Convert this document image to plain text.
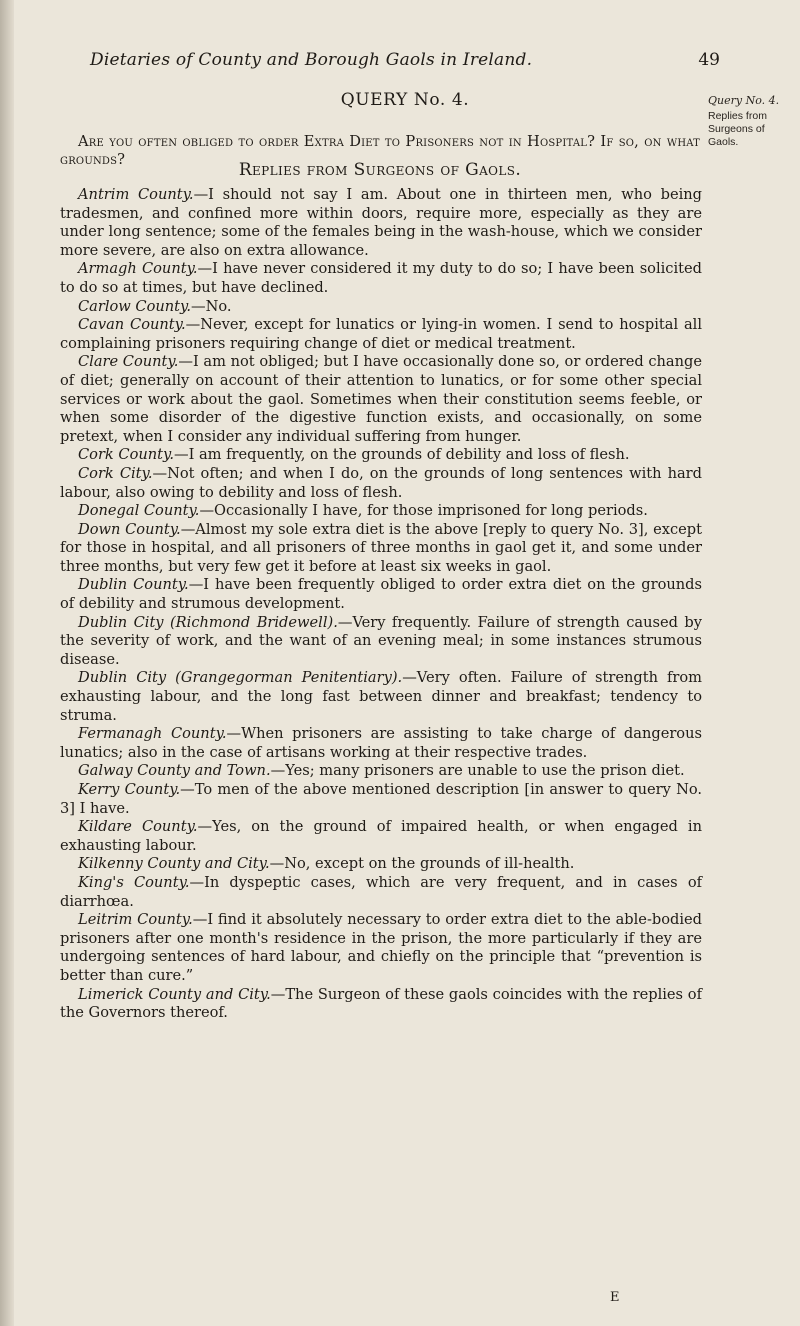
Dietaries of County and Borough Gaols in Ireland.	49
QUERY No. 4.	Query No. 4.
Replies from Surgeons of Gaols.

Are you often obliged to order Extra Diet to Prisoners not in Hospital? If so, on what grounds?

Replies from Surgeons of Gaols.

Antrim County.—I should not say I am. About one in thirteen men, who being tradesmen, and confined more within doors, require more, especially as they are under long sentence; some of the females being in the wash-house, which we consider more severe, are also on extra allowance.

Armagh County.—I have never considered it my duty to do so; I have been solicited to do so at times, but have declined.

Carlow County.—No.

Cavan County.—Never, except for lunatics or lying-in women. I send to hospital all complaining prisoners requiring change of diet or medical treatment.

Clare County.—I am not obliged; but I have occasionally done so, or ordered change of diet; generally on account of their attention to lunatics, or for some other special services or work about the gaol. Sometimes when their constitution seems feeble, or when some disorder of the digestive function exists, and occasionally, on some pretext, when I consider any individual suffering from hunger.

Cork County.—I am frequently, on the grounds of debility and loss of flesh.

Cork City.—Not often; and when I do, on the grounds of long sentences with hard labour, also owing to debility and loss of flesh.

Donegal County.—Occasionally I have, for those imprisoned for long periods.

Down County.—Almost my sole extra diet is the above [reply to query No. 3], except for those in hospital, and all prisoners of three months in gaol get it, and some under three months, but very few get it before at least six weeks in gaol.

Dublin County.—I have been frequently obliged to order extra diet on the grounds of debility and strumous development.

Dublin City (Richmond Bridewell).—Very frequently. Failure of strength caused by the severity of work, and the want of an evening meal; in some instances strumous disease.

Dublin City (Grangegorman Penitentiary).—Very often. Failure of strength from exhausting labour, and the long fast between dinner and breakfast; tendency to struma.

Fermanagh County.—When prisoners are assisting to take charge of dangerous lunatics; also in the case of artisans working at their respective trades.

Galway County and Town.—Yes; many prisoners are unable to use the prison diet.

Kerry County.—To men of the above mentioned description [in answer to query No. 3] I have.

Kildare County.—Yes, on the ground of impaired health, or when engaged in exhausting labour.

Kilkenny County and City.—No, except on the grounds of ill-health.

King's County.—In dyspeptic cases, which are very frequent, and in cases of diarrhœa.

Leitrim County.—I find it absolutely necessary to order extra diet to the able-bodied prisoners after one month's residence in the prison, the more particularly if they are undergoing sentences of hard labour, and chiefly on the principle that “prevention is better than cure.”

Limerick County and City.—The Surgeon of these gaols coincides with the replies of the Governors thereof.

E
